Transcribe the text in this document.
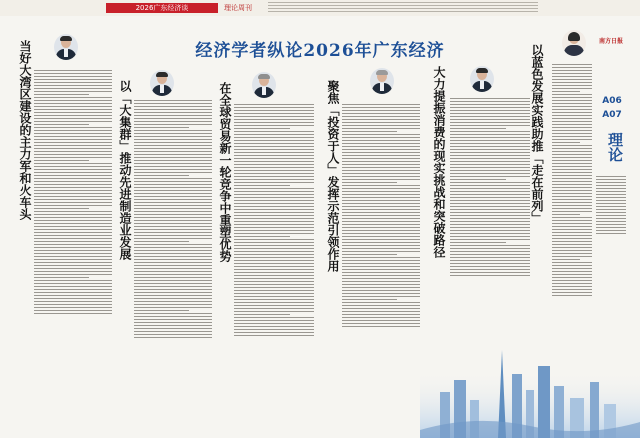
2026广东经济谈	理论周刊
经济学者纵论2026年广东经济
当好大湾区建设的主力军和火车头	以「大集群」推动先进制造业发展	在全球贸易新一轮竞争中重塑优势	聚焦「投资于人」发挥示范引领作用	大力提振消费的现实挑战和突破路径	以蓝色发展实践助推「走在前列」
南方日报
A06
A07
理论
